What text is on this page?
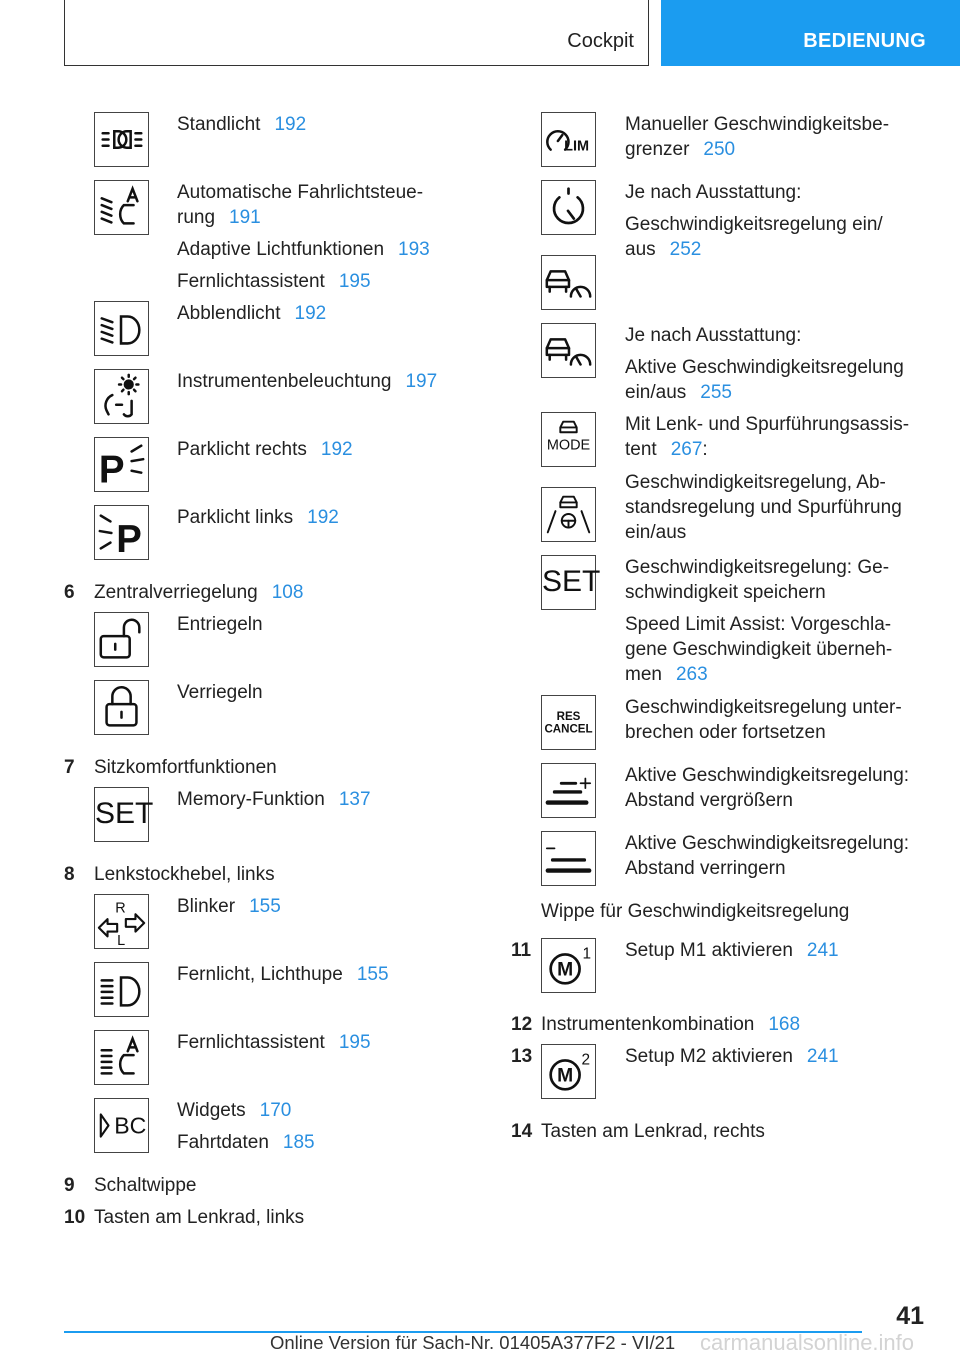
Cockpit	BEDIENUNG
Standlicht 192
Automatische Fahrlichtsteue-
rung 191
Adaptive Lichtfunktionen 193
Fernlichtassistent 195
Abblendlicht 192
Instrumentenbeleuchtung 197
P	Parklicht rechts 192
P
Parklicht links 192
6 Zentralverriegelung 108
Entriegeln
Verriegeln
7 Sitzkomfortfunktionen
SET Memory-Funktion 137
8 Lenkstockhebel, links
R
L
Blinker 155
Fernlicht, Lichthupe 155
Fernlichtassistent 195
BC
Widgets 170
Fahrtdaten 185
9 Schaltwippe
10 Tasten am Lenkrad, links
LIM
Manueller Geschwindigkeitsbe-
grenzer 250
Je nach Ausstattung:
Geschwindigkeitsregelung ein/
aus 252
Je nach Ausstattung:
Aktive Geschwindigkeitsregelung
ein/aus 255
MODE
Mit Lenk- und Spurführungsassis-
tent 267:
Geschwindigkeitsregelung, Ab-
standsregelung und Spurführung
ein/aus
SET Geschwindigkeitsregelung: Ge-
schwindigkeit speichern
Speed Limit Assist: Vorgeschla-
gene Geschwindigkeit überneh-
men 263
RES
CANCEL
Geschwindigkeitsregelung unter-
brechen oder fortsetzen
Aktive Geschwindigkeitsregelung:
Abstand vergrößern
Aktive Geschwindigkeitsregelung:
Abstand verringern
Wippe für Geschwindigkeitsregelung
11
M
1 Setup M1 aktivieren 241
12 Instrumentenkombination 168
13
M
2 Setup M2 aktivieren 241
14 Tasten am Lenkrad, rechts
41
Online Version für Sach-Nr. 01405A377F2 - VI/21 carmanualsonline.info
